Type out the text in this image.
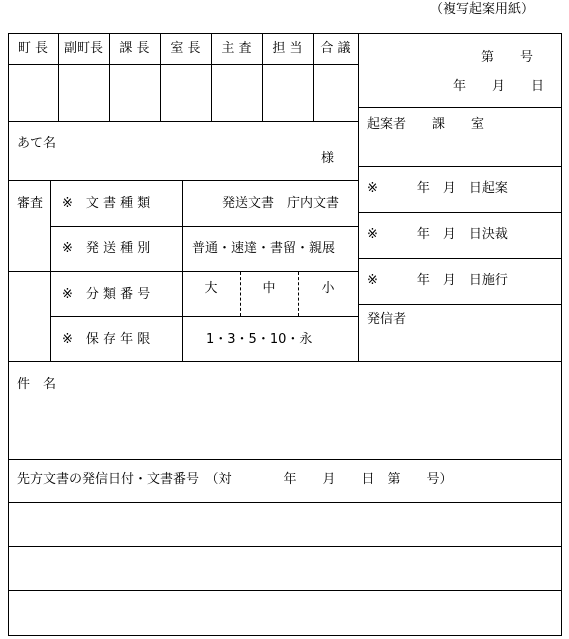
（複写起案用紙）
町 長	副町長	課 長	室 長	主 査	担 当	合 議
第　　号
年　　月　　日
起案者　　課　　室
※　　　年　月　日起案
※　　　年　月　日決裁
※　　　年　月　日施行
発信者
あて名
様
審査 ※　文 書 種 類	発送文書　庁内文書
※　発 送 種 別	普通・速達・書留・親展
※　分 類 番 号	大	中	小
※　保 存 年 限	1・3・5・10・永
件　名
先方文書の発信日付・文書番号　（対　　　　年　　月　　日　第　　号）
